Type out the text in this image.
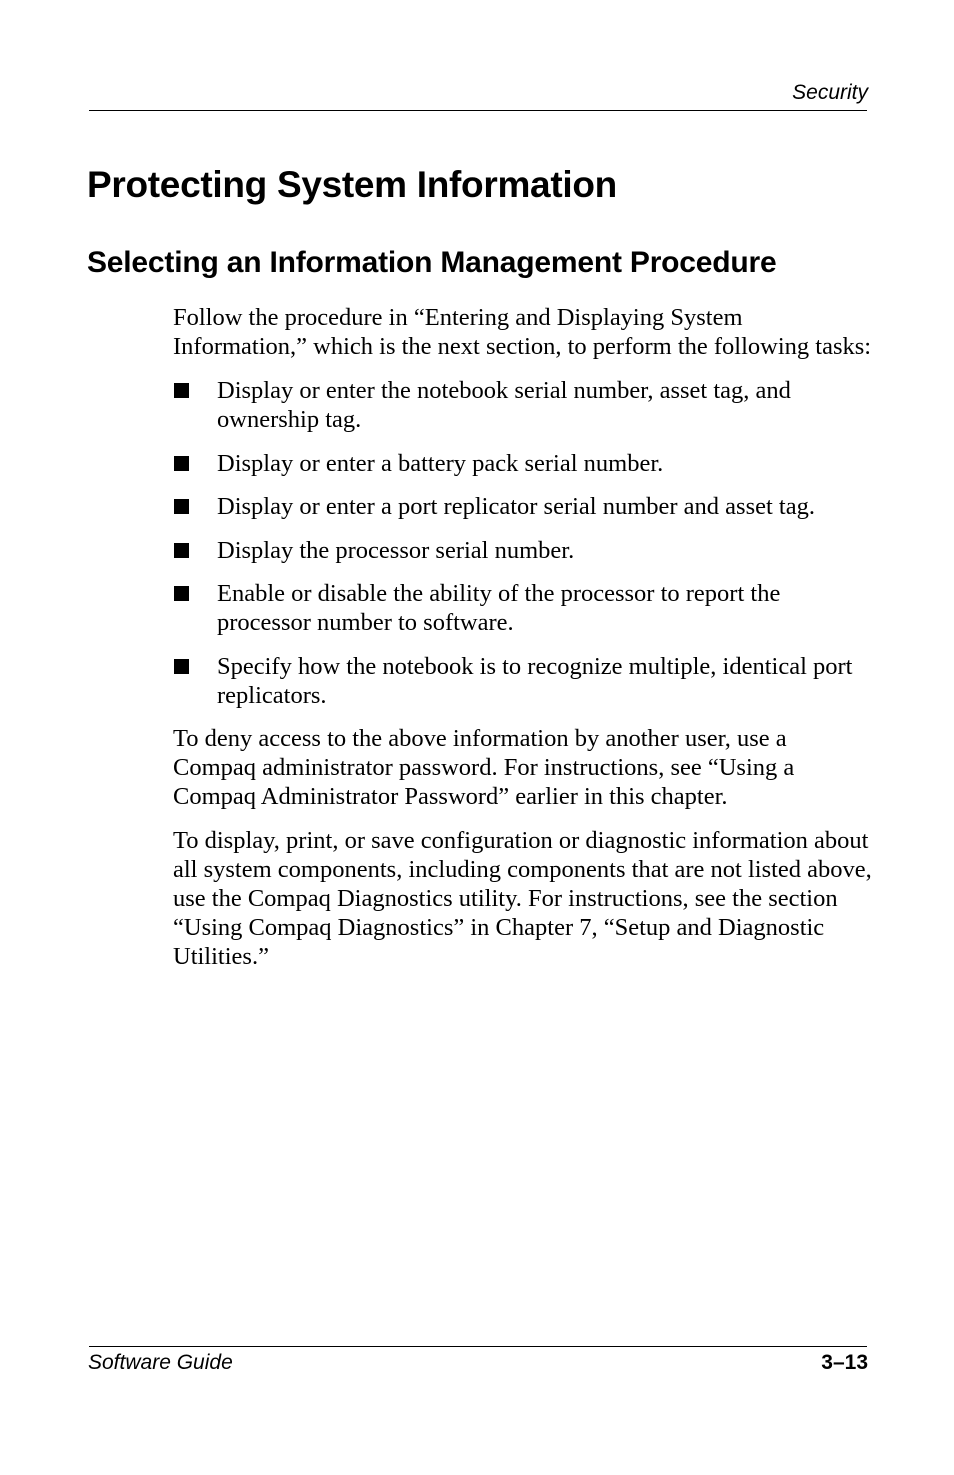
Security
Protecting System Information
Selecting an Information Management Procedure

Follow the procedure in “Entering and Displaying System Information,” which is the next section, to perform the following tasks:

Display or enter the notebook serial number, asset tag, and ownership tag.
Display or enter a battery pack serial number.
Display or enter a port replicator serial number and asset tag.
Display the processor serial number.
Enable or disable the ability of the processor to report the processor number to software.
Specify how the notebook is to recognize multiple, identical port replicators.

To deny access to the above information by another user, use a Compaq administrator password. For instructions, see “Using a Compaq Administrator Password” earlier in this chapter.

To display, print, or save configuration or diagnostic information about all system components, including components that are not listed above, use the Compaq Diagnostics utility. For instructions, see the section “Using Compaq Diagnostics” in Chapter 7, “Setup and Diagnostic Utilities.”

Software Guide	3–13
